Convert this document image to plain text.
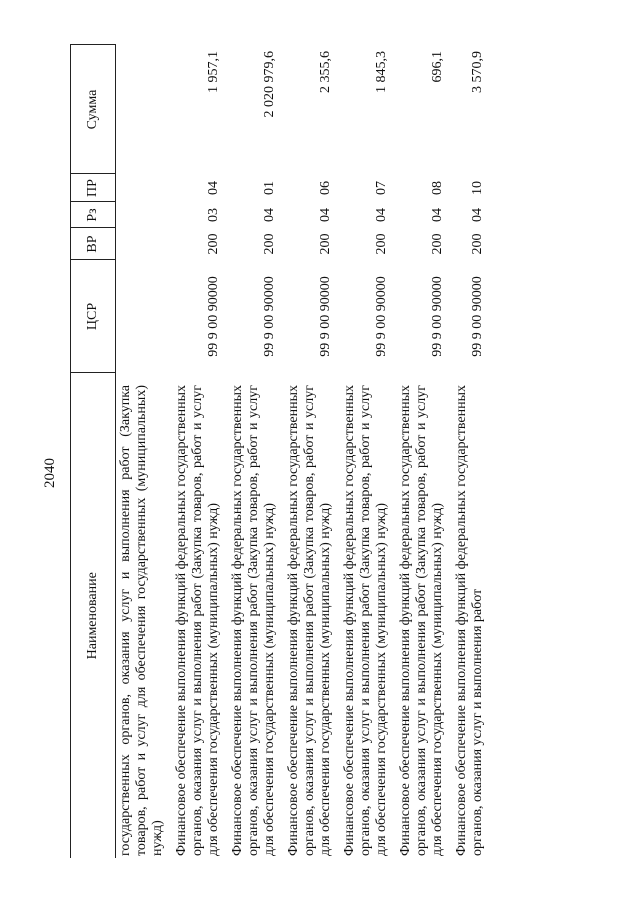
2040
Наименование	ЦСР	ВР	Рз	ПР	Сумма
государственных органов, оказания услуг и выполнения работ (Закупка товаров, работ и услуг для обеспечения государственных (муниципальных) нужд)					
Финансовое обеспечение выполнения функций федеральных государственных органов, оказания услуг и выполнения работ (Закупка товаров, работ и услуг для обеспечения государственных (муниципальных) нужд)	99 9 00 90000	200	03	04	1 957,1
Финансовое обеспечение выполнения функций федеральных государственных органов, оказания услуг и выполнения работ (Закупка товаров, работ и услуг для обеспечения государственных (муниципальных) нужд)	99 9 00 90000	200	04	01	2 020 979,6
Финансовое обеспечение выполнения функций федеральных государственных органов, оказания услуг и выполнения работ (Закупка товаров, работ и услуг для обеспечения государственных (муниципальных) нужд)	99 9 00 90000	200	04	06	2 355,6
Финансовое обеспечение выполнения функций федеральных государственных органов, оказания услуг и выполнения работ (Закупка товаров, работ и услуг для обеспечения государственных (муниципальных) нужд)	99 9 00 90000	200	04	07	1 845,3
Финансовое обеспечение выполнения функций федеральных государственных органов, оказания услуг и выполнения работ (Закупка товаров, работ и услуг для обеспечения государственных (муниципальных) нужд)	99 9 00 90000	200	04	08	696,1
Финансовое обеспечение выполнения функций федеральных государственных органов, оказания услуг и выполнения работ	99 9 00 90000	200	04	10	3 570,9
